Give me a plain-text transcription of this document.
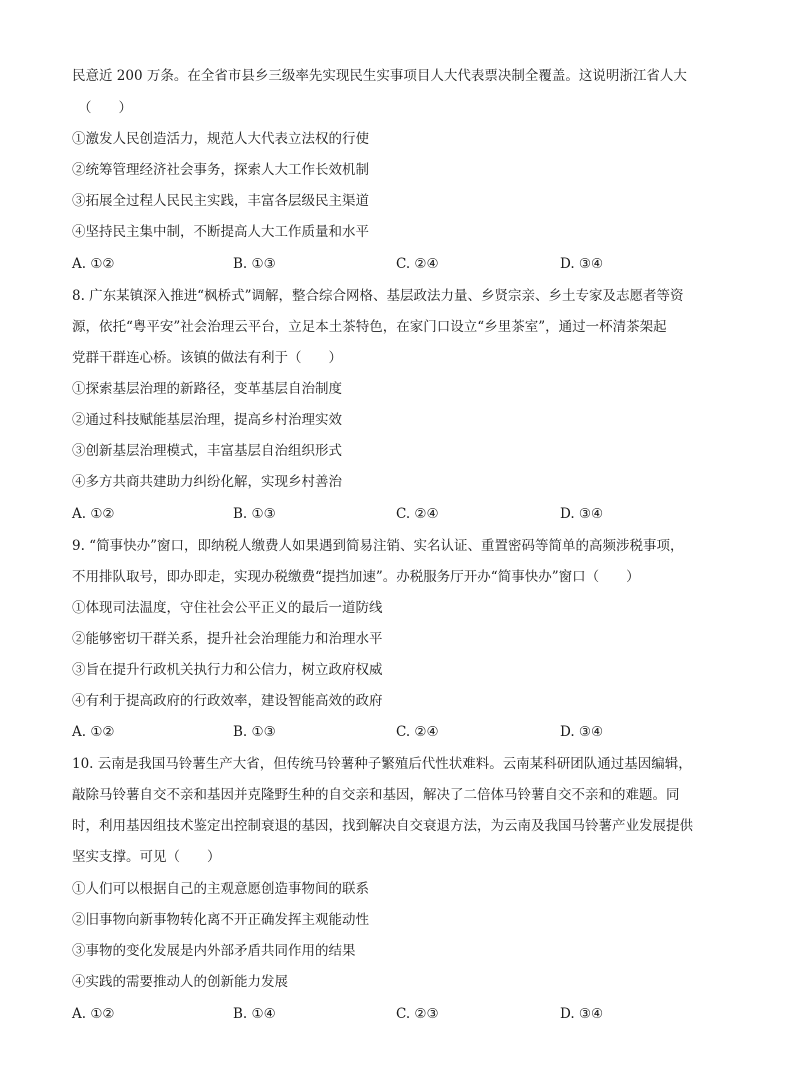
民意近 200 万条。在全省市县乡三级率先实现民生实事项目人大代表票决制全覆盖。这说明浙江省人大
（　　）
①激发人民创造活力，规范人大代表立法权的行使
②统筹管理经济社会事务，探索人大工作长效机制
③拓展全过程人民民主实践，丰富各层级民主渠道
④坚持民主集中制，不断提高人大工作质量和水平
A. ①②	B. ①③	C. ②④	D. ③④
8. 广东某镇深入推进“枫桥式”调解，整合综合网格、基层政法力量、乡贤宗亲、乡土专家及志愿者等资
源，依托“粤平安”社会治理云平台，立足本土茶特色，在家门口设立“乡里茶室”，通过一杯清茶架起
党群干群连心桥。该镇的做法有利于（　　）
①探索基层治理的新路径，变革基层自治制度
②通过科技赋能基层治理，提高乡村治理实效
③创新基层治理模式，丰富基层自治组织形式
④多方共商共建助力纠纷化解，实现乡村善治
A. ①②	B. ①③	C. ②④	D. ③④
9. “简事快办”窗口，即纳税人缴费人如果遇到简易注销、实名认证、重置密码等简单的高频涉税事项，
不用排队取号，即办即走，实现办税缴费“提挡加速”。办税服务厅开办“简事快办”窗口（　　）
①体现司法温度，守住社会公平正义的最后一道防线
②能够密切干群关系，提升社会治理能力和治理水平
③旨在提升行政机关执行力和公信力，树立政府权威
④有利于提高政府的行政效率，建设智能高效的政府
A. ①②	B. ①③	C. ②④	D. ③④
10. 云南是我国马铃薯生产大省，但传统马铃薯种子繁殖后代性状难料。云南某科研团队通过基因编辑，
敲除马铃薯自交不亲和基因并克隆野生种的自交亲和基因，解决了二倍体马铃薯自交不亲和的难题。同
时，利用基因组技术鉴定出控制衰退的基因，找到解决自交衰退方法，为云南及我国马铃薯产业发展提供
坚实支撑。可见（　　）
①人们可以根据自己的主观意愿创造事物间的联系
②旧事物向新事物转化离不开正确发挥主观能动性
③事物的变化发展是内外部矛盾共同作用的结果
④实践的需要推动人的创新能力发展
A. ①②	B. ①④	C. ②③	D. ③④
